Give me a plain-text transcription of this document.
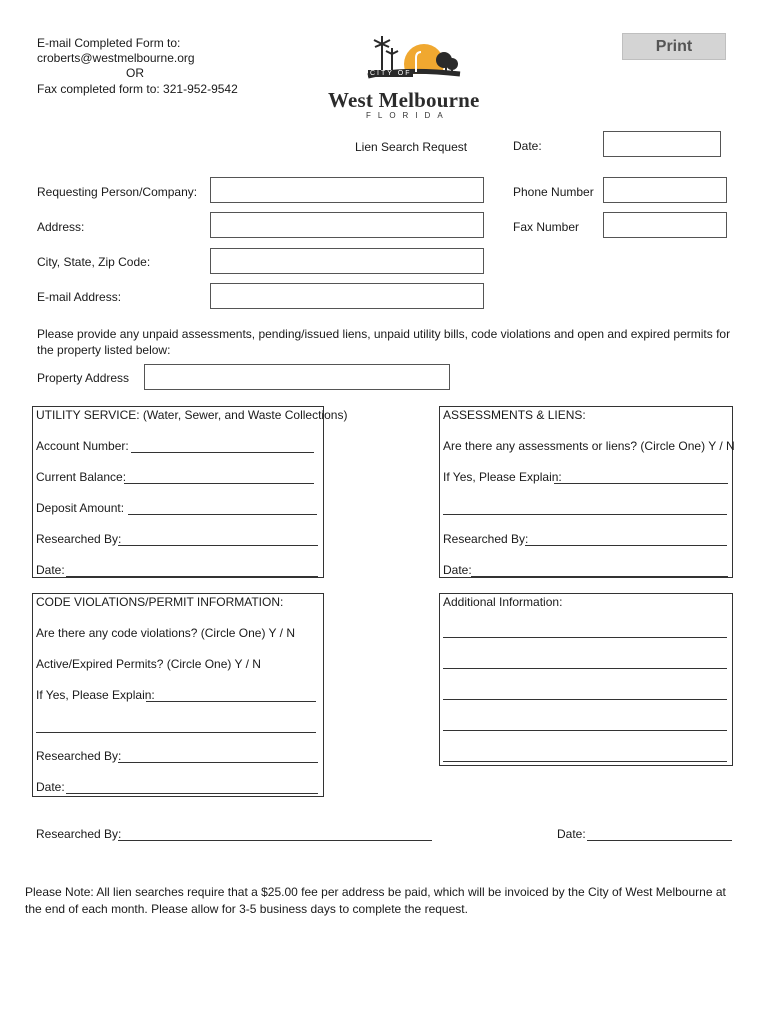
E-mail Completed Form to:
croberts@westmelbourne.org
OR
Fax completed form to: 321-952-9542
Print
CITY OF
West Melbourne
FLORIDA
Lien Search Request	Date:
Requesting Person/Company:	Phone Number
Address:	Fax Number
City, State, Zip Code:
E-mail Address:
Please provide any unpaid assessments, pending/issued liens, unpaid utility bills, code violations and open and expired permits for the property listed below:
Property Address
UTILITY SERVICE: (Water, Sewer, and Waste Collections)
Account Number:
Current Balance:
Deposit Amount:
Researched By:
Date:
ASSESSMENTS & LIENS:
Are there any assessments or liens? (Circle One) Y / N
If Yes, Please Explain:
Researched By:
Date:
CODE VIOLATIONS/PERMIT INFORMATION:
Are there any code violations? (Circle One) Y / N
Active/Expired Permits? (Circle One) Y / N
If Yes, Please Explain:
Researched By:
Date:
Additional Information:
Researched By:	Date:
Please Note: All lien searches require that a $25.00 fee per address be paid, which will be invoiced by the City of West Melbourne at the end of each month. Please allow for 3-5 business days to complete the request.
